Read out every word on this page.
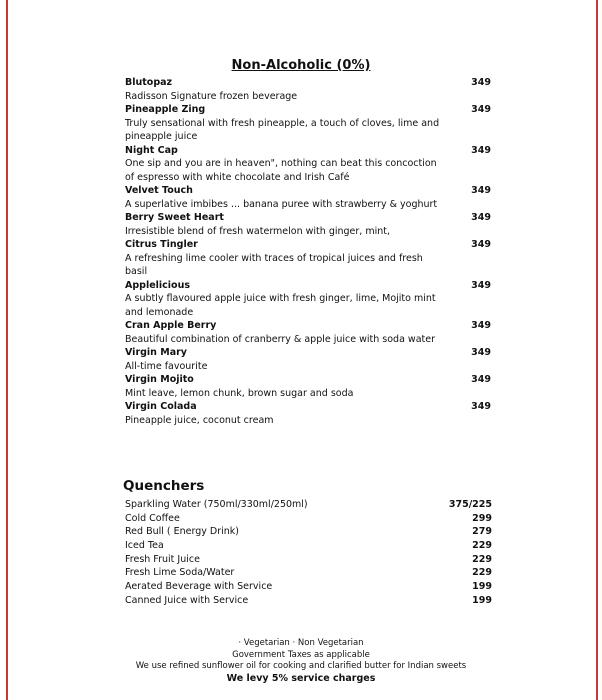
Non-Alcoholic (0%)
Blutopaz	349
Radisson Signature frozen beverage
Pineapple Zing	349
Truly sensational with fresh pineapple, a touch of cloves, lime and pineapple juice
Night Cap	349
One sip and you are in heaven", nothing can beat this concoction of espresso with white chocolate and Irish Café
Velvet Touch	349
A superlative imbibes ... banana puree with strawberry & yoghurt
Berry Sweet Heart	349
Irresistible blend of fresh watermelon with ginger, mint,
Citrus Tingler	349
A refreshing lime cooler with traces of tropical juices and fresh basil
Applelicious	349
A subtly flavoured apple juice with fresh ginger, lime, Mojito mint and lemonade
Cran Apple Berry	349
Beautiful combination of cranberry & apple juice with soda water
Virgin Mary	349
All-time favourite
Virgin Mojito	349
Mint leave, lemon chunk, brown sugar and soda
Virgin Colada	349
Pineapple juice, coconut cream
Quenchers
Sparkling Water (750ml/330ml/250ml)	375/225
Cold Coffee	299
Red Bull ( Energy Drink)	279
Iced Tea	229
Fresh Fruit Juice	229
Fresh Lime Soda/Water	229
Aerated Beverage with Service	199
Canned Juice with Service	199
· Vegetarian · Non Vegetarian
Government Taxes as applicable
We use refined sunflower oil for cooking and clarified butter for Indian sweets
We levy 5% service charges
